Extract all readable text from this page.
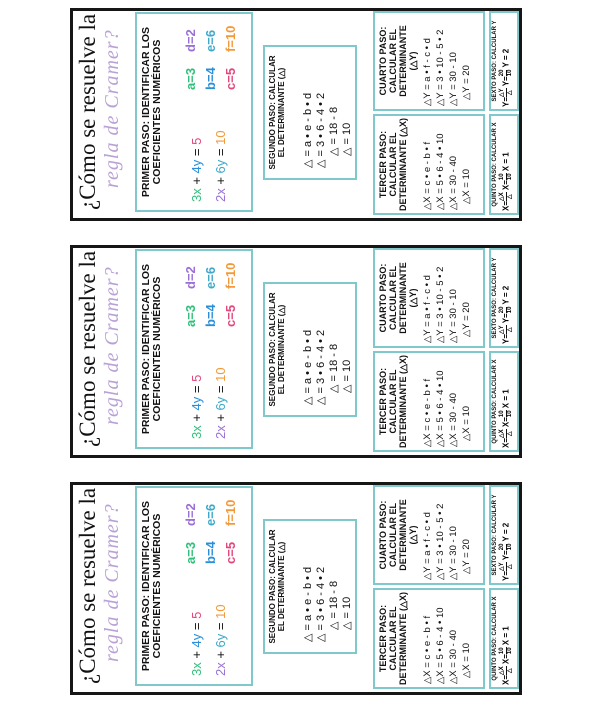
¿Cómo se resuelve la regla de Cramer? PRIMER PASO: IDENTIFICAR LOS COEFICIENTES NUMÉRICOS
3x + 4y = 5
2x + 6y = 10
a=3 b=4 c=5
d=2 e=6 f=10
SEGUNDO PASO: CALCULAR EL DETERMINANTE (△) △ = a • e - b • d △ = 3 • 6 - 4 • 2 △ = 18 - 8 △ = 10	TERCER PASO: CALCULAR EL DETERMINANTE (△X) △X = c • e - b • f △X = 5 • 6 - 4 • 10 △X = 30 - 40 △X = 10
CUARTO PASO: CALCULAR EL DETERMINANTE (△Y) △Y = a • f - c • d △Y = 3 • 10 - 5 • 2 △Y = 30 - 10 △Y = 20
QUINTO PASO: CALCULAR X X=
△X △
X=
10 10
X = 1
SEXTO PASO: CALCULAR Y
Y=
△Y △
Y=
20 10
Y = 2
¿Cómo se resuelve la regla de Cramer? PRIMER PASO: IDENTIFICAR LOS COEFICIENTES NUMÉRICOS
3x + 4y = 5
2x + 6y = 10
a=3 b=4 c=5
d=2 e=6 f=10
SEGUNDO PASO: CALCULAR EL DETERMINANTE (△) △ = a • e - b • d △ = 3 • 6 - 4 • 2 △ = 18 - 8 △ = 10	TERCER PASO: CALCULAR EL DETERMINANTE (△X) △X = c • e - b • f △X = 5 • 6 - 4 • 10 △X = 30 - 40 △X = 10
CUARTO PASO: CALCULAR EL DETERMINANTE (△Y) △Y = a • f - c • d △Y = 3 • 10 - 5 • 2 △Y = 30 - 10 △Y = 20
QUINTO PASO: CALCULAR X X=
△X △
X=
10 10
X = 1
SEXTO PASO: CALCULAR Y
Y=
△Y △
Y=
20 10
Y = 2
¿Cómo se resuelve la regla de Cramer? PRIMER PASO: IDENTIFICAR LOS COEFICIENTES NUMÉRICOS
3x + 4y = 5
2x + 6y = 10
a=3 b=4 c=5
d=2 e=6 f=10
SEGUNDO PASO: CALCULAR EL DETERMINANTE (△) △ = a • e - b • d △ = 3 • 6 - 4 • 2 △ = 18 - 8 △ = 10	TERCER PASO: CALCULAR EL DETERMINANTE (△X) △X = c • e - b • f △X = 5 • 6 - 4 • 10 △X = 30 - 40 △X = 10
CUARTO PASO: CALCULAR EL DETERMINANTE (△Y) △Y = a • f - c • d △Y = 3 • 10 - 5 • 2 △Y = 30 - 10 △Y = 20
QUINTO PASO: CALCULAR X X=
△X △
X=
10 10
X = 1
SEXTO PASO: CALCULAR Y
Y=
△Y △
Y=
20 10
Y = 2
